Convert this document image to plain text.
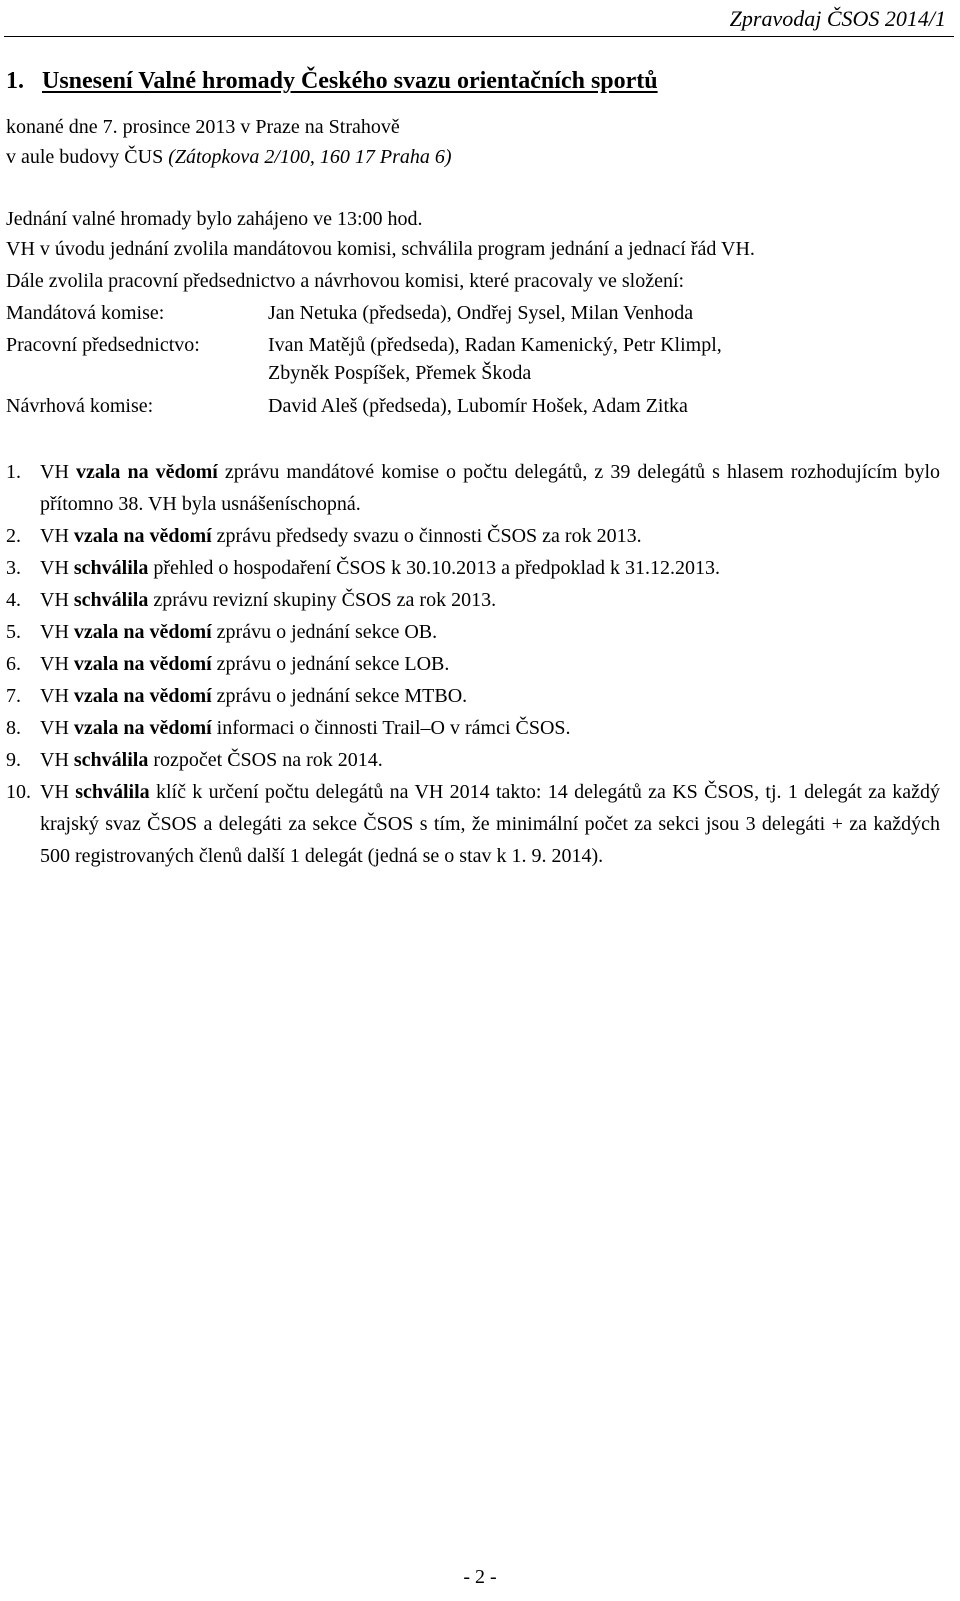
Zpravodaj ČSOS 2014/1
1. Usnesení Valné hromady Českého svazu orientačních sportů
konané dne 7. prosince 2013 v Praze na Strahově
v aule budovy ČUS (Zátopkova 2/100, 160 17 Praha 6)
Jednání valné hromady bylo zahájeno ve 13:00 hod.
VH v úvodu jednání zvolila mandátovou komisi, schválila program jednání a jednací řád VH.
Dále zvolila pracovní předsednictvo a návrhovou komisi, které pracovaly ve složení:
Mandátová komise:	Jan Netuka (předseda), Ondřej Sysel, Milan Venhoda
Pracovní předsednictvo:	Ivan Matějů (předseda), Radan Kamenický, Petr Klimpl,
Zbyněk Pospíšek, Přemek Škoda
Návrhová komise:	David Aleš (předseda), Lubomír Hošek, Adam Zitka
1. VH vzala na vědomí zprávu mandátové komise o počtu delegátů, z 39 delegátů s hlasem rozhodujícím bylo přítomno 38. VH byla usnášeníschopná.
2. VH vzala na vědomí zprávu předsedy svazu o činnosti ČSOS za rok 2013.
3. VH schválila přehled o hospodaření ČSOS k 30.10.2013 a předpoklad k 31.12.2013.
4. VH schválila zprávu revizní skupiny ČSOS za rok 2013.
5. VH vzala na vědomí zprávu o jednání sekce OB.
6. VH vzala na vědomí zprávu o jednání sekce LOB.
7. VH vzala na vědomí zprávu o jednání sekce MTBO.
8. VH vzala na vědomí informaci o činnosti Trail–O v rámci ČSOS.
9. VH schválila rozpočet ČSOS na rok 2014.
10. VH schválila klíč k určení počtu delegátů na VH 2014 takto: 14 delegátů za KS ČSOS, tj. 1 delegát za každý krajský svaz ČSOS a delegáti za sekce ČSOS s tím, že minimální počet za sekci jsou 3 delegáti + za každých 500 registrovaných členů další 1 delegát (jedná se o stav k 1. 9. 2014).
- 2 -
